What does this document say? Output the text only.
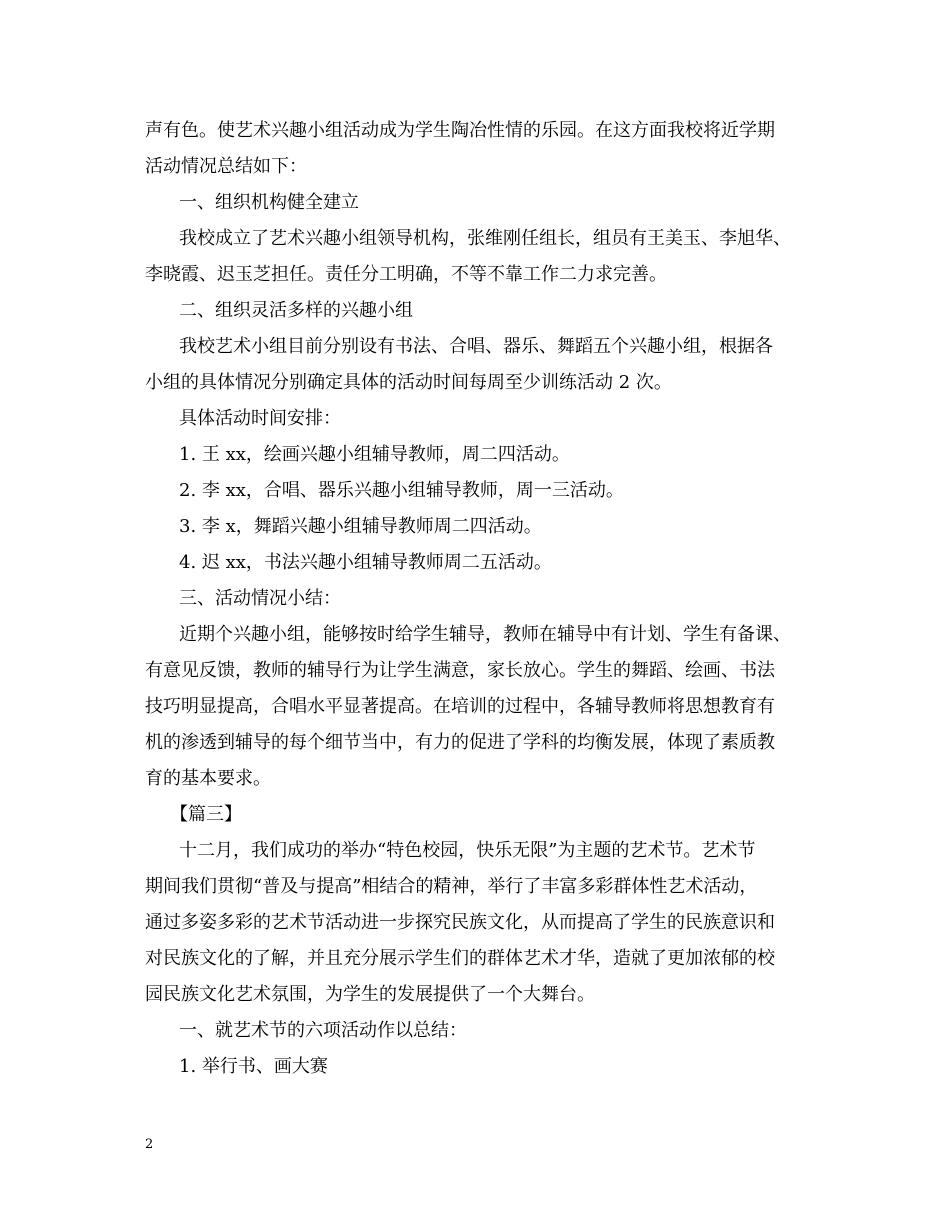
声有色。使艺术兴趣小组活动成为学生陶冶性情的乐园。在这方面我校将近学期

活动情况总结如下：

一、组织机构健全建立

我校成立了艺术兴趣小组领导机构，张维刚任组长，组员有王美玉、李旭华、

李晓霞、迟玉芝担任。责任分工明确，不等不靠工作二力求完善。

二、组织灵活多样的兴趣小组

我校艺术小组目前分别设有书法、合唱、器乐、舞蹈五个兴趣小组，根据各

小组的具体情况分别确定具体的活动时间每周至少训练活动 2 次。

具体活动时间安排：

1. 王 xx，绘画兴趣小组辅导教师，周二四活动。

2. 李 xx，合唱、器乐兴趣小组辅导教师，周一三活动。

3. 李 x，舞蹈兴趣小组辅导教师周二四活动。

4. 迟 xx，书法兴趣小组辅导教师周二五活动。

三、活动情况小结：

近期个兴趣小组，能够按时给学生辅导，教师在辅导中有计划、学生有备课、

有意见反馈，教师的辅导行为让学生满意，家长放心。学生的舞蹈、绘画、书法

技巧明显提高，合唱水平显著提高。在培训的过程中，各辅导教师将思想教育有

机的渗透到辅导的每个细节当中，有力的促进了学科的均衡发展，体现了素质教

育的基本要求。

【篇三】

十二月，我们成功的举办“特色校园，快乐无限”为主题的艺术节。艺术节

期间我们贯彻“普及与提高”相结合的精神，举行了丰富多彩群体性艺术活动，

通过多姿多彩的艺术节活动进一步探究民族文化，从而提高了学生的民族意识和

对民族文化的了解，并且充分展示学生们的群体艺术才华，造就了更加浓郁的校

园民族文化艺术氛围，为学生的发展提供了一个大舞台。

一、就艺术节的六项活动作以总结：

1. 举行书、画大赛

2
